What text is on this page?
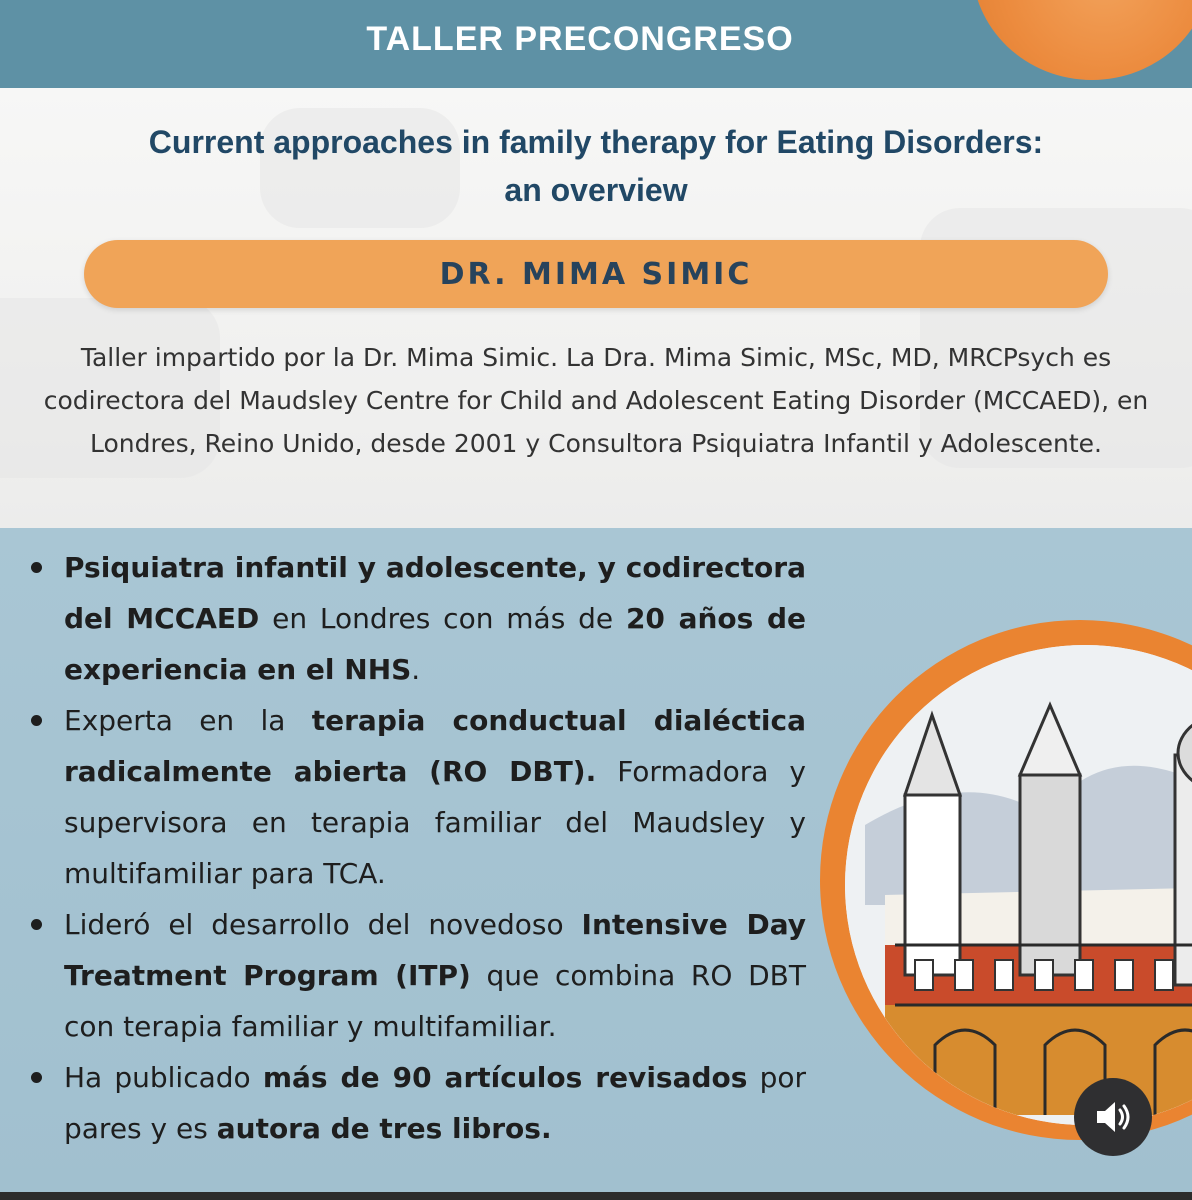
TALLER PRECONGRESO
Current approaches in family therapy for Eating Disorders:
an overview
DR. MIMA SIMIC
Taller impartido por la Dr. Mima Simic. La Dra. Mima Simic, MSc, MD, MRCPsych es codirectora del Maudsley Centre for Child and Adolescent Eating Disorder (MCCAED), en Londres, Reino Unido, desde 2001 y Consultora Psiquiatra Infantil y Adolescente.
Psiquiatra infantil y adolescente, y codirectora del MCCAED en Londres con más de 20 años de experiencia en el NHS.
Experta en la terapia conductual dialéctica radicalmente abierta (RO DBT). Formadora y supervisora en terapia familiar del Maudsley y multifamiliar para TCA.
Lideró el desarrollo del novedoso Intensive Day Treatment Program (ITP) que combina RO DBT con terapia familiar y multifamiliar.
Ha publicado más de 90 artículos revisados por pares y es autora de tres libros.
